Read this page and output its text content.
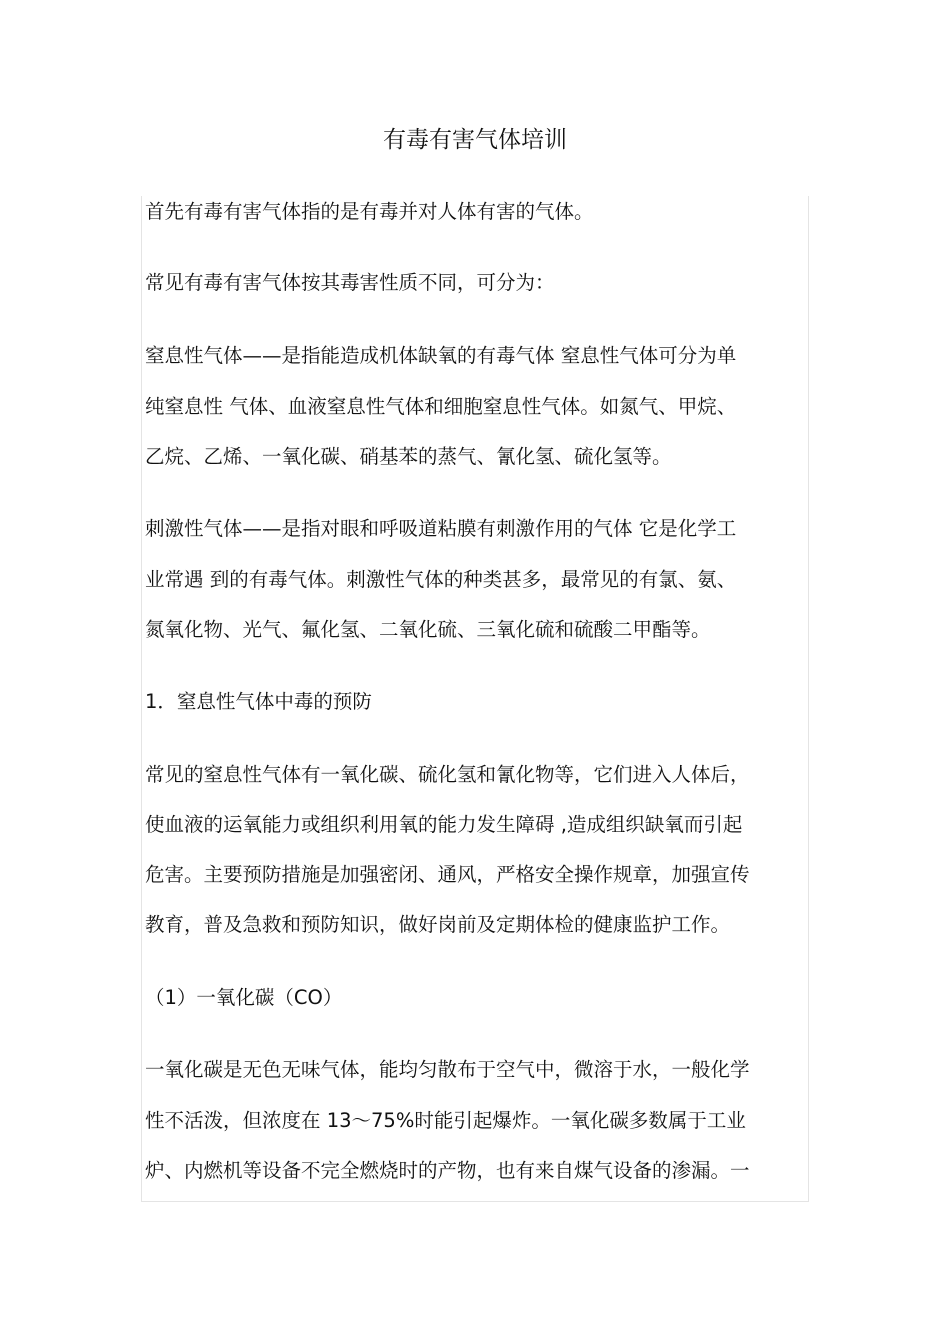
有毒有害气体培训

首先有毒有害气体指的是有毒并对人体有害的气体。

常见有毒有害气体按其毒害性质不同，可分为：

窒息性气体——是指能造成机体缺氧的有毒气体 窒息性气体可分为单

纯窒息性 气体、血液窒息性气体和细胞窒息性气体。如氮气、甲烷、

乙烷、乙烯、一氧化碳、硝基苯的蒸气、氰化氢、硫化氢等。

刺激性气体——是指对眼和呼吸道粘膜有刺激作用的气体 它是化学工

业常遇 到的有毒气体。刺激性气体的种类甚多，最常见的有氯、氨、

氮氧化物、光气、氟化氢、二氧化硫、三氧化硫和硫酸二甲酯等。

1．窒息性气体中毒的预防

常见的窒息性气体有一氧化碳、硫化氢和氰化物等，它们进入人体后，

使血液的运氧能力或组织利用氧的能力发生障碍 ,造成组织缺氧而引起

危害。主要预防措施是加强密闭、通风，严格安全操作规章，加强宣传

教育，普及急救和预防知识，做好岗前及定期体检的健康监护工作。

（1）一氧化碳（CO）

一氧化碳是无色无味气体，能均匀散布于空气中，微溶于水，一般化学

性不活泼，但浓度在 13～75%时能引起爆炸。一氧化碳多数属于工业

炉、内燃机等设备不完全燃烧时的产物，也有来自煤气设备的渗漏。一
